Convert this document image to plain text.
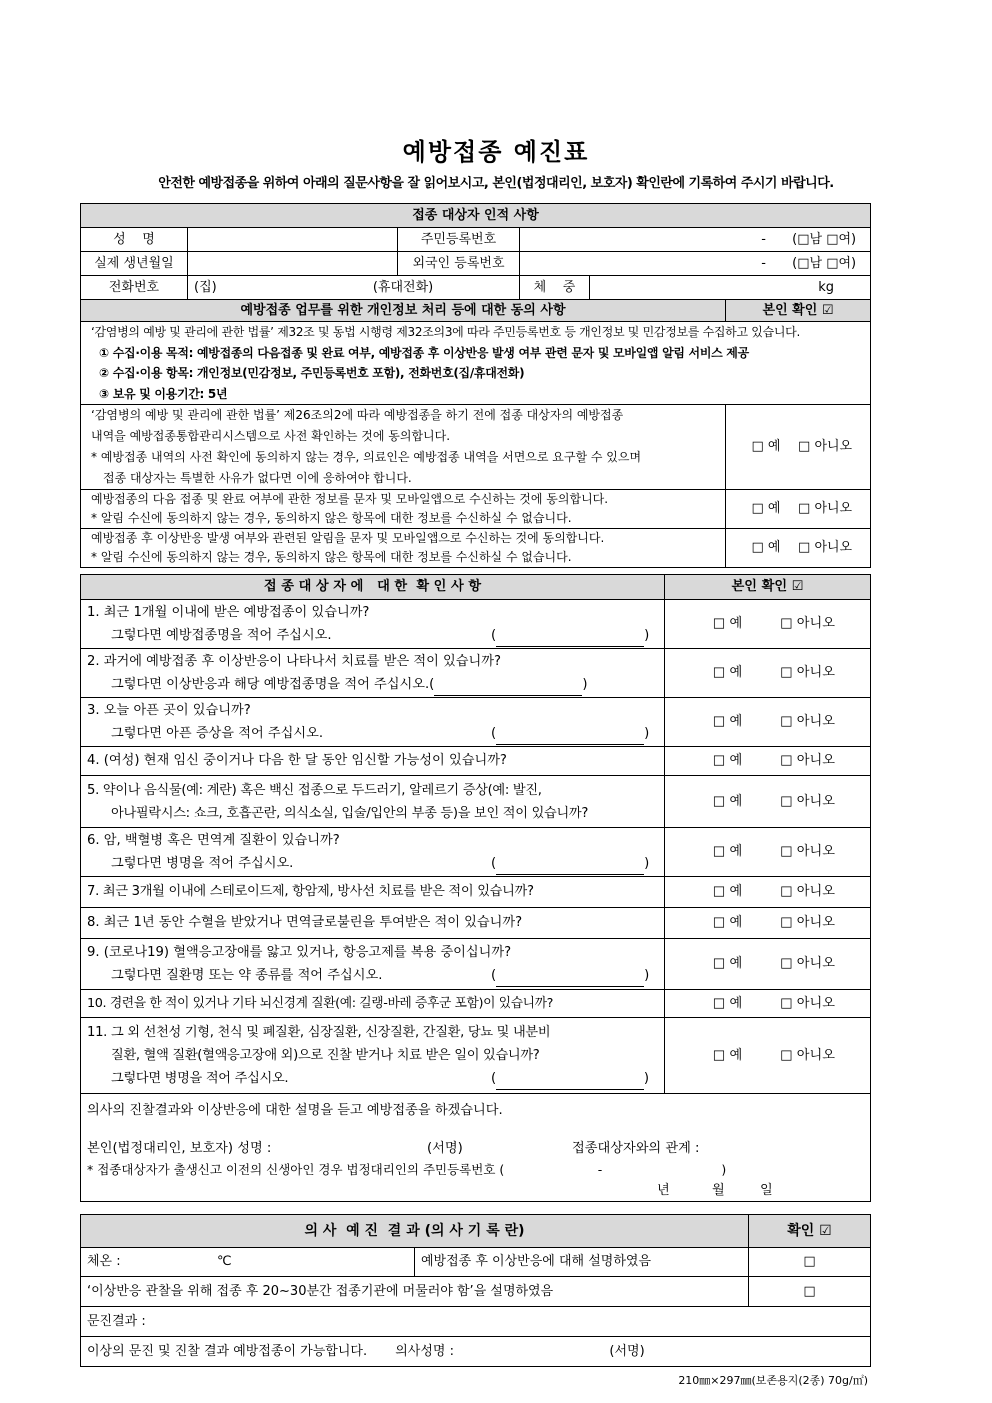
예방접종 예진표
안전한 예방접종을 위하여 아래의 질문사항을 잘 읽어보시고, 본인(법정대리인, 보호자) 확인란에 기록하여 주시기 바랍니다.
접종 대상자 인적 사항					
성    명		주민등록번호	- (□남 □여)		
실제 생년월일		외국인 등록번호	- (□남 □여)		
전화번호	(집) (휴대전화)		체    중	kg	
예방접종 업무를 위한 개인정보 처리 등에 대한 동의 사항					본인 확인 ☑

‘감염병의 예방 및 관리에 관한 법률’ 제32조 및 동법 시행령 제32조의3에 따라 주민등록번호 등 개인정보 및 민감정보를 수집하고 있습니다.
① 수집·이용 목적: 예방접종의 다음접종 및 완료 여부, 예방접종 후 이상반응 발생 여부 관련 문자 및 모바일앱 알림 서비스 제공
② 수집·이용 항목: 개인정보(민감정보, 주민등록번호 포함), 전화번호(집/휴대전화)
③ 보유 및 이용기간: 5년					

‘감염병의 예방 및 관리에 관한 법률’ 제26조의2에 따라 예방접종을 하기 전에 접종 대상자의 예방접종
내역을 예방접종통합관리시스템으로 사전 확인하는 것에 동의합니다.
* 예방접종 내역의 사전 확인에 동의하지 않는 경우, 의료인은 예방접종 내역을 서면으로 요구할 수 있으며
접종 대상자는 특별한 사유가 없다면 이에 응하여야 합니다.					□ 예 □ 아니오

예방접종의 다음 접종 및 완료 여부에 관한 정보를 문자 및 모바일앱으로 수신하는 것에 동의합니다.
* 알림 수신에 동의하지 않는 경우, 동의하지 않은 항목에 대한 정보를 수신하실 수 없습니다.					□ 예 □ 아니오

예방접종 후 이상반응 발생 여부와 관련된 알림을 문자 및 모바일앱으로 수신하는 것에 동의합니다.
* 알림 수신에 동의하지 않는 경우, 동의하지 않은 항목에 대한 정보를 수신하실 수 없습니다.					□ 예 □ 아니오
접 종 대 상 자 에   대 한  확 인 사 항	본인 확인 ☑

1. 최근 1개월 이내에 받은 예방접종이 있습니까?
그렇다면 예방접종명을 적어 주십시오. ( )	□ 예 □ 아니오

2. 과거에 예방접종 후 이상반응이 나타나서 치료를 받은 적이 있습니까?
그렇다면 이상반응과 해당 예방접종명을 적어 주십시오.( )	□ 예 □ 아니오

3. 오늘 아픈 곳이 있습니까?
그렇다면 아픈 증상을 적어 주십시오. ( )	□ 예 □ 아니오
4. (여성) 현재 임신 중이거나 다음 한 달 동안 임신할 가능성이 있습니까?	□ 예 □ 아니오

5. 약이나 음식물(예: 계란) 혹은 백신 접종으로 두드러기, 알레르기 증상(예: 발진,
아나필락시스: 쇼크, 호흡곤란, 의식소실, 입술/입안의 부종 등)을 보인 적이 있습니까?	□ 예 □ 아니오

6. 암, 백혈병 혹은 면역계 질환이 있습니까?
그렇다면 병명을 적어 주십시오. ( )	□ 예 □ 아니오
7. 최근 3개월 이내에 스테로이드제, 항암제, 방사선 치료를 받은 적이 있습니까?	□ 예 □ 아니오
8. 최근 1년 동안 수혈을 받았거나 면역글로불린을 투여받은 적이 있습니까?	□ 예 □ 아니오

9. (코로나19) 혈액응고장애를 앓고 있거나, 항응고제를 복용 중이십니까?
그렇다면 질환명 또는 약 종류를 적어 주십시오. ( )	□ 예 □ 아니오
10. 경련을 한 적이 있거나 기타 뇌신경계 질환(예: 길랭-바레 증후군 포함)이 있습니까?	□ 예 □ 아니오

11. 그 외 선천성 기형, 천식 및 폐질환, 심장질환, 신장질환, 간질환, 당뇨 및 내분비
질환, 혈액 질환(혈액응고장애 외)으로 진찰 받거나 치료 받은 일이 있습니까?
그렇다면 병명을 적어 주십시오. ( )	□ 예 □ 아니오

의사의 진찰결과와 이상반응에 대한 설명을 듣고 예방접종을 하겠습니다.
본인(법정대리인, 보호자) 성명 : (서명) 접종대상자와의 관계 :
* 접종대상자가 출생신고 이전의 신생아인 경우 법정대리인의 주민등록번호 ( - )
년 월 일	
의 사  예 진  결 과 (의 사 기 록 란)		확인 ☑
체온 : ℃	예방접종 후 이상반응에 대해 설명하였음	□
‘이상반응 관찰을 위해 접종 후 20~30분간 접종기관에 머물러야 함’을 설명하였음		□
문진결과 :		
이상의 문진 및 진찰 결과 예방접종이 가능합니다. 의사성명 : (서명)		
210㎜×297㎜(보존용지(2종) 70g/㎡)
